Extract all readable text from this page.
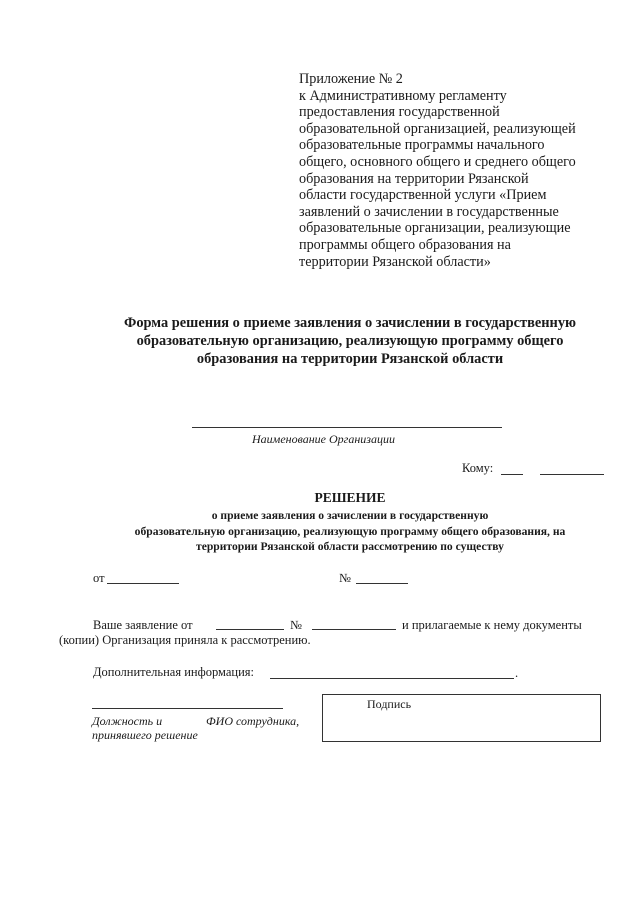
Приложение № 2
к Административному регламенту
предоставления государственной
образовательной организацией, реализующей
образовательные программы начального
общего, основного общего и среднего общего
образования на территории Рязанской
области государственной услуги «Прием
заявлений о зачислении в государственные
образовательные организации, реализующие
программы общего образования на
территории Рязанской области»
Форма решения о приеме заявления о зачислении в государственную
образовательную организацию, реализующую программу общего
образования на территории Рязанской области
Наименование Организации
Кому:
РЕШЕНИЕ
о приеме заявления о зачислении в государственную
образовательную организацию, реализующую программу общего образования, на
территории Рязанской области рассмотрению по существу
от	№
Ваше заявление от	№	и прилагаемые к нему документы
(копии) Организация приняла к рассмотрению.
Дополнительная информация:	.
Должность и	ФИО сотрудника,
принявшего решение
Подпись
